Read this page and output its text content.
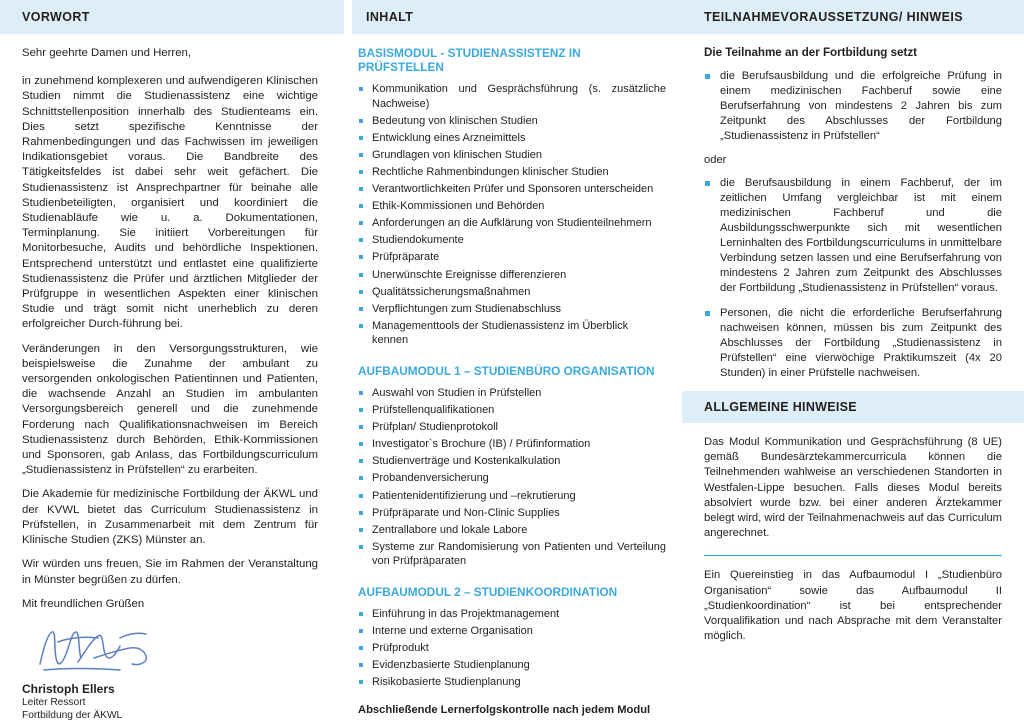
VORWORT	INHALT	TEILNAHMEVORAUSSETZUNG/ HINWEIS

Sehr geehrte Damen und Herren,

in zunehmend komplexeren und aufwendigeren Klinischen Studien nimmt die Studienassistenz eine wichtige Schnittstellenposition innerhalb des Studienteams ein. Dies setzt spezifische Kenntnisse der Rahmenbedingungen und das Fachwissen im jeweiligen Indikationsgebiet voraus. Die Bandbreite des Tätigkeitsfeldes ist dabei sehr weit gefächert. Die Studienassistenz ist Ansprechpartner für beinahe alle Studienbeteiligten, organisiert und koordiniert die Studienabläufe wie u. a. Dokumentationen, Terminplanung. Sie initiiert Vorbereitungen für Monitorbesuche, Audits und behördliche Inspektionen. Entsprechend unterstützt und entlastet eine qualifizierte Studienassistenz die Prüfer und ärztlichen Mitglieder der Prüfgruppe in wesentlichen Aspekten einer klinischen Studie und trägt somit nicht unerheblich zu deren erfolgreicher Durch-führung bei.

Veränderungen in den Versorgungsstrukturen, wie beispielsweise die Zunahme der ambulant zu versorgenden onkologischen Patientinnen und Patienten, die wachsende Anzahl an Studien im ambulanten Versorgungsbereich generell und die zunehmende Forderung nach Qualifikationsnachweisen im Bereich Studienassistenz durch Behörden, Ethik-Kommissionen und Sponsoren, gab Anlass, das Fortbildungscurriculum „Studienassistenz in Prüfstellen“ zu erarbeiten.

Die Akademie für medizinische Fortbildung der ÄKWL und der KVWL bietet das Curriculum Studienassistenz in Prüfstellen, in Zusammenarbeit mit dem Zentrum für Klinische Studien (ZKS) Münster an.

Wir würden uns freuen, Sie im Rahmen der Veranstaltung in Münster begrüßen zu dürfen.

Mit freundlichen Grüßen

Christoph Ellers
Leiter Ressort
Fortbildung der ÄKWL
BASISMODUL - STUDIENASSISTENZ IN PRÜFSTELLEN
Kommunikation und Gesprächsführung (s. zusätzliche Nachweise)
Bedeutung von klinischen Studien
Entwicklung eines Arzneimittels
Grundlagen von klinischen Studien
Rechtliche Rahmenbindungen klinischer Studien
Verantwortlichkeiten Prüfer und Sponsoren unterscheiden
Ethik-Kommissionen und Behörden
Anforderungen an die Aufklärung von Studienteilnehmern
Studiendokumente
Prüfpräparate
Unerwünschte Ereignisse differenzieren
Qualitätssicherungsmaßnahmen
Verpflichtungen zum Studienabschluss
Managementtools der Studienassistenz im Überblick kennen
AUFBAUMODUL 1 – STUDIENBÜRO ORGANISATION
Auswahl von Studien in Prüfstellen
Prüfstellenqualifikationen
Prüfplan/ Studienprotokoll
Investigator`s Brochure (IB) / Prüfinformation
Studienverträge und Kostenkalkulation
Probandenversicherung
Patientenidentifizierung und –rekrutierung
Prüfpräparate und Non-Clinic Supplies
Zentrallabore und lokale Labore
Systeme zur Randomisierung von Patienten und Verteilung von Prüfpräparaten
AUFBAUMODUL 2 – STUDIENKOORDINATION
Einführung in das Projektmanagement
Interne und externe Organisation
Prüfprodukt
Evidenzbasierte Studienplanung
Risikobasierte Studienplanung
Abschließende Lernerfolgskontrolle nach jedem Modul
Die Teilnahme an der Fortbildung setzt
die Berufsausbildung und die erfolgreiche Prüfung in einem medizinischen Fachberuf sowie eine Berufserfahrung von mindestens 2 Jahren bis zum Zeitpunkt des Abschlusses der Fortbildung „Studienassistenz in Prüfstellen“
oder
die Berufsausbildung in einem Fachberuf, der im zeitlichen Umfang vergleichbar ist mit einem medizinischen Fachberuf und die Ausbildungsschwerpunkte sich mit wesentlichen Lerninhalten des Fortbildungscurriculums in unmittelbare Verbindung setzen lassen und eine Berufserfahrung von mindestens 2 Jahren zum Zeitpunkt des Abschlusses der Fortbildung „Studienassistenz in Prüfstellen“ voraus.
Personen, die nicht die erforderliche Berufserfahrung nachweisen können, müssen bis zum Zeitpunkt des Abschlusses der Fortbildung „Studienassistenz in Prüfstellen“ eine vierwöchige Praktikumszeit (4x 20 Stunden) in einer Prüfstelle nachweisen.
ALLGEMEINE HINWEISE
Das Modul Kommunikation und Gesprächsführung (8 UE) gemäß Bundesärztekammercurricula können die Teilnehmenden wahlweise an verschiedenen Standorten in Westfalen-Lippe besuchen. Falls dieses Modul bereits absolviert wurde bzw. bei einer anderen Ärztekammer belegt wird, wird der Teilnahmenachweis auf das Curriculum angerechnet.
Ein Quereinstieg in das Aufbaumodul I „Studienbüro Organisation“ sowie das Aufbaumodul II „Studienkoordination“ ist bei entsprechender Vorqualifikation und nach Absprache mit dem Veranstalter möglich.
